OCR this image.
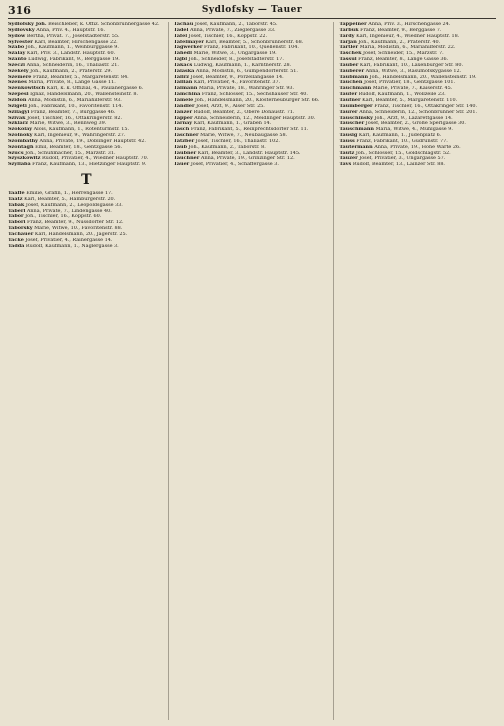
316	Sydlofsky — Tauer
Sydlofsky Joh. Beischleber, k. Offiz. Schönbrunnergasse 42.
Sydlovsky Anna, Priv. 4., Hauptstr. 16.
Sydow Bertha, Privat. 7., Josefstädterstr. 55.
Sylvester Karl, Beamter, Hirschengasse 22.
Szabo Joh., Kaufmann, 1., Weihburggasse 9.
Szalay Karl, Priv. 3., Landstr. Hauptstr. 60.
Szanto Ludwig, Fabrikant, 9., Berggasse 19.
Szeczi Anna, Schneiderin, 16., Thaliastr. 21.
Szekely Joh., Kaufmann, 2., Praterstr. 29.
Szemere Franz, Beamter, 5., Margaretenstr. 84.
Szenes Maria, Private, 8., Lange Gasse 11.
Szenkowitsch Karl, k. k. Offizial, 4., Paulanergasse 6.
Szepesi Ignaz, Handelsmann, 20., Wallensteinstr. 8.
Szidon Anna, Modistin, 6., Mariahilferstr. 93.
Szigeti Joh., Fabrikant, 10., Favoritenstr. 114.
Szilagyi Franz, Beamter, 7., Burggasse 46.
Szivak Josef, Tischler, 16., Ottakringerstr. 82.
Szklarz Marie, Witwe, 3., Rennweg 39.
Szokolay Alois, Kaufmann, 1., Rotenturmstr. 15.
Szolnoky Karl, Ingenieur, 9., Währingerstr. 27.
Szombathy Anna, Private, 19., Döblinger Hauptstr. 42.
Szontagh Emil, Beamter, 18., Gentzgasse 56.
Szucs Joh., Schuhmacher, 15., Märzstr. 31.
Szyszkowitz Rudolf, Privatier, 4., Wiedner Hauptstr. 70.
Szyllaba Franz, Kaufmann, 13., Hietzinger Hauptstr. 9.
T
Taaffe Emilie, Gräfin, 1., Herrengasse 17.
Taatz Karl, Beamter, 5., Hamburgerstr. 20.
Tabak Josef, Kaufmann, 2., Leopoldsgasse 33.
Taberl Anna, Private, 7., Lindengasse 40.
Tabor Joh., Tischler, 16., Koppstr. 60.
Tabori Franz, Beamter, 9., Nussdorfer Str. 12.
Taborsky Marie, Witwe, 10., Favoritenstr. 88.
Tachauer Karl, Handelsmann, 20., Jägerstr. 25.
Tacke Josef, Privatier, 4., Rainergasse 14.
Tadda Rudolf, Kaufmann, 1., Naglergasse 3.
Tachau Josef, Kaufmann, 2., Taborstr. 45.
Tadel Anna, Private, 7., Zieglergasse 33.
Tafel Josef, Tischler, 16., Koppstr. 22.
Tafelmayer Karl, Beamter, 5., Schönbrunnerstr. 68.
Tagwerker Franz, Fabrikant, 10., Quellenstr. 104.
Tahedl Marie, Witwe, 3., Ungargasse 19.
Tajbl Joh., Schneider, 8., Josefstädterstr. 17.
Takacs Ludwig, Kaufmann, 1., Kärntnerstr. 28.
Talaska Anna, Modistin, 6., Gumpendorferstr. 51.
Talirz Josef, Beamter, 9., Porzellangasse 14.
Tallian Karl, Privatier, 4., Favoritenstr. 37.
Talmann Maria, Private, 18., Währinger Str. 93.
Tamchina Franz, Schlosser, 15., Sechshauser Str. 40.
Tamele Joh., Handelsmann, 20., Klosterneuburger Str. 66.
Tandler Josef, Arzt, 9., Alser Str. 25.
Tanzer Rudolf, Beamter, 2., Obere Donaustr. 71.
Tapper Anna, Schneiderin, 12., Meidlinger Hauptstr. 30.
Tarnay Karl, Kaufmann, 1., Graben 14.
Tasch Franz, Fabrikant, 5., Reinprechtsdorfer Str. 11.
Taschner Marie, Witwe, 7., Neubaugasse 58.
Tatzber Josef, Tischler, 16., Thaliastr. 102.
Taub Joh., Kaufmann, 2., Taborstr. 8.
Taubner Karl, Beamter, 3., Landstr. Hauptstr. 145.
Tauchner Anna, Private, 19., Grinzinger Str. 12.
Tauer Josef, Privatier, 4., Schäffergasse 3.
Tappeiner Anna, Priv. 3., Hirschengasse 24.
Tarbuk Franz, Beamter, 9., Berggasse 7.
Tardy Karl, Ingenieur, 4., Wiedner Hauptstr. 18.
Tarjan Joh., Kaufmann, 2., Praterstr. 40.
Tartler Maria, Modistin, 6., Mariahilferstr. 22.
Taschek Josef, Schneider, 15., Märzstr. 7.
Tassul Franz, Beamter, 8., Lange Gasse 36.
Tauber Karl, Fabrikant, 10., Laxenburger Str. 80.
Tauberer Anna, Witwe, 3., Rasumofskygasse 12.
Taubmann Joh., Handelsmann, 20., Wallensteinstr. 19.
Tauchen Josef, Privatier, 18., Gentzgasse 101.
Tauchmann Marie, Private, 7., Kaiserstr. 45.
Taufer Rudolf, Kaufmann, 1., Wollzeile 23.
Taufner Karl, Beamter, 5., Margaretenstr. 110.
Taumberger Franz, Tischler, 16., Ottakringer Str. 140.
Taurer Anna, Schneiderin, 12., Schönbrunner Str. 201.
Tauschinsky Joh., Arzt, 9., Lazarettgasse 14.
Tauscher Josef, Beamter, 2., Große Sperlgasse 30.
Tauschmann Maria, Witwe, 4., Mühlgasse 9.
Tausig Karl, Kaufmann, 1., Judenplatz 6.
Tauss Franz, Fabrikant, 10., Gudrunstr. 77.
Tautermann Anna, Private, 19., Hohe Warte 26.
Tautz Joh., Schlosser, 15., Goldschlagstr. 52.
Tauzer Josef, Privatier, 3., Ungargasse 57.
Tavs Rudolf, Beamter, 13., Lainzer Str. 88.
